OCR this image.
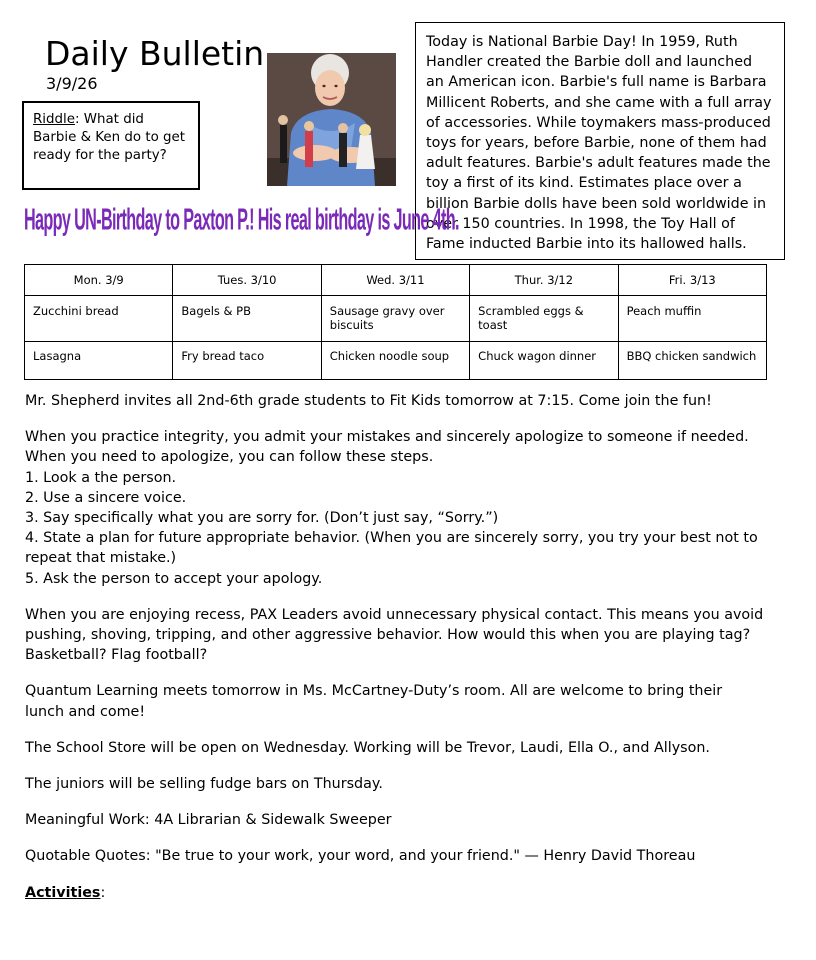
Daily Bulletin
3/9/26
Riddle: What did Barbie & Ken do to get ready for the party?
Today is National Barbie Day! In 1959, Ruth Handler created the Barbie doll and launched an American icon. Barbie's full name is Barbara Millicent Roberts, and she came with a full array of accessories. While toymakers mass-produced toys for years, before Barbie, none of them had adult features. Barbie's adult features made the toy a first of its kind. Estimates place over a billion Barbie dolls have been sold worldwide in over 150 countries. In 1998, the Toy Hall of Fame inducted Barbie into its hallowed halls.
Happy UN-Birthday to Paxton P.! His real birthday is June 4th.
Mon. 3/9	Tues. 3/10	Wed. 3/11	Thur. 3/12	Fri. 3/13
Zucchini bread	Bagels & PB	Sausage gravy over biscuits	Scrambled eggs & toast	Peach muffin
Lasagna	Fry bread taco	Chicken noodle soup	Chuck wagon dinner	BBQ chicken sandwich

Mr. Shepherd invites all 2nd-6th grade students to Fit Kids tomorrow at 7:15. Come join the fun!

When you practice integrity, you admit your mistakes and sincerely apologize to someone if needed. When you need to apologize, you can follow these steps.
1. Look a the person.
2. Use a sincere voice.
3. Say specifically what you are sorry for. (Don’t just say, “Sorry.”)
4. State a plan for future appropriate behavior. (When you are sincerely sorry, you try your best not to repeat that mistake.)
5. Ask the person to accept your apology.

When you are enjoying recess, PAX Leaders avoid unnecessary physical contact. This means you avoid pushing, shoving, tripping, and other aggressive behavior. How would this when you are playing tag? Basketball? Flag football?

Quantum Learning meets tomorrow in Ms. McCartney-Duty’s room. All are welcome to bring their lunch and come!

The School Store will be open on Wednesday. Working will be Trevor, Laudi, Ella O., and Allyson.

The juniors will be selling fudge bars on Thursday.

Meaningful Work: 4A Librarian & Sidewalk Sweeper

Quotable Quotes: "Be true to your work, your word, and your friend." — Henry David Thoreau

Activities:
